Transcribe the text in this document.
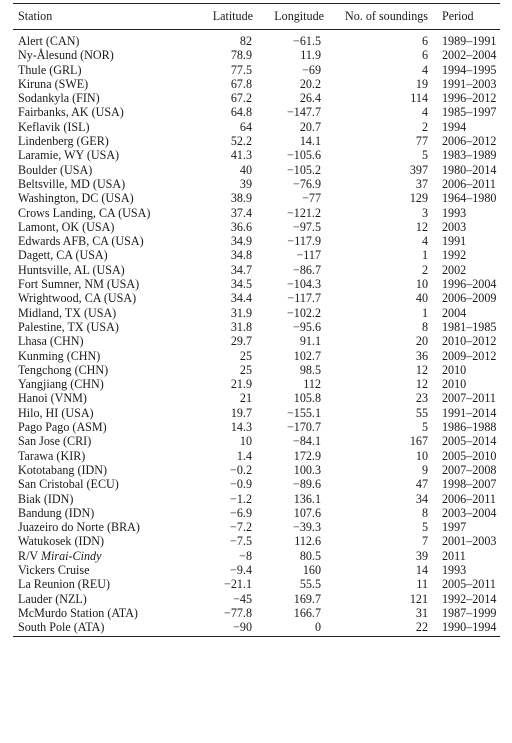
Station	Latitude	Longitude	No. of soundings	Period
Alert (CAN)	82	−61.5	6	1989–1991
Ny-Ålesund (NOR)	78.9	11.9	6	2002–2004
Thule (GRL)	77.5	−69	4	1994–1995
Kiruna (SWE)	67.8	20.2	19	1991–2003
Sodankyla (FIN)	67.2	26.4	114	1996–2012
Fairbanks, AK (USA)	64.8	−147.7	4	1985–1997
Keflavik (ISL)	64	20.7	2	1994
Lindenberg (GER)	52.2	14.1	77	2006–2012
Laramie, WY (USA)	41.3	−105.6	5	1983–1989
Boulder (USA)	40	−105.2	397	1980–2014
Beltsville, MD (USA)	39	−76.9	37	2006–2011
Washington, DC (USA)	38.9	−77	129	1964–1980
Crows Landing, CA (USA)	37.4	−121.2	3	1993
Lamont, OK (USA)	36.6	−97.5	12	2003
Edwards AFB, CA (USA)	34.9	−117.9	4	1991
Dagett, CA (USA)	34.8	−117	1	1992
Huntsville, AL (USA)	34.7	−86.7	2	2002
Fort Sumner, NM (USA)	34.5	−104.3	10	1996–2004
Wrightwood, CA (USA)	34.4	−117.7	40	2006–2009
Midland, TX (USA)	31.9	−102.2	1	2004
Palestine, TX (USA)	31.8	−95.6	8	1981–1985
Lhasa (CHN)	29.7	91.1	20	2010–2012
Kunming (CHN)	25	102.7	36	2009–2012
Tengchong (CHN)	25	98.5	12	2010
Yangjiang (CHN)	21.9	112	12	2010
Hanoi (VNM)	21	105.8	23	2007–2011
Hilo, HI (USA)	19.7	−155.1	55	1991–2014
Pago Pago (ASM)	14.3	−170.7	5	1986–1988
San Jose (CRI)	10	−84.1	167	2005–2014
Tarawa (KIR)	1.4	172.9	10	2005–2010
Kototabang (IDN)	−0.2	100.3	9	2007–2008
San Cristobal (ECU)	−0.9	−89.6	47	1998–2007
Biak (IDN)	−1.2	136.1	34	2006–2011
Bandung (IDN)	−6.9	107.6	8	2003–2004
Juazeiro do Norte (BRA)	−7.2	−39.3	5	1997
Watukosek (IDN)	−7.5	112.6	7	2001–2003
R/V Mirai-Cindy	−8	80.5	39	2011
Vickers Cruise	−9.4	160	14	1993
La Reunion (REU)	−21.1	55.5	11	2005–2011
Lauder (NZL)	−45	169.7	121	1992–2014
McMurdo Station (ATA)	−77.8	166.7	31	1987–1999
South Pole (ATA)	−90	0	22	1990–1994
